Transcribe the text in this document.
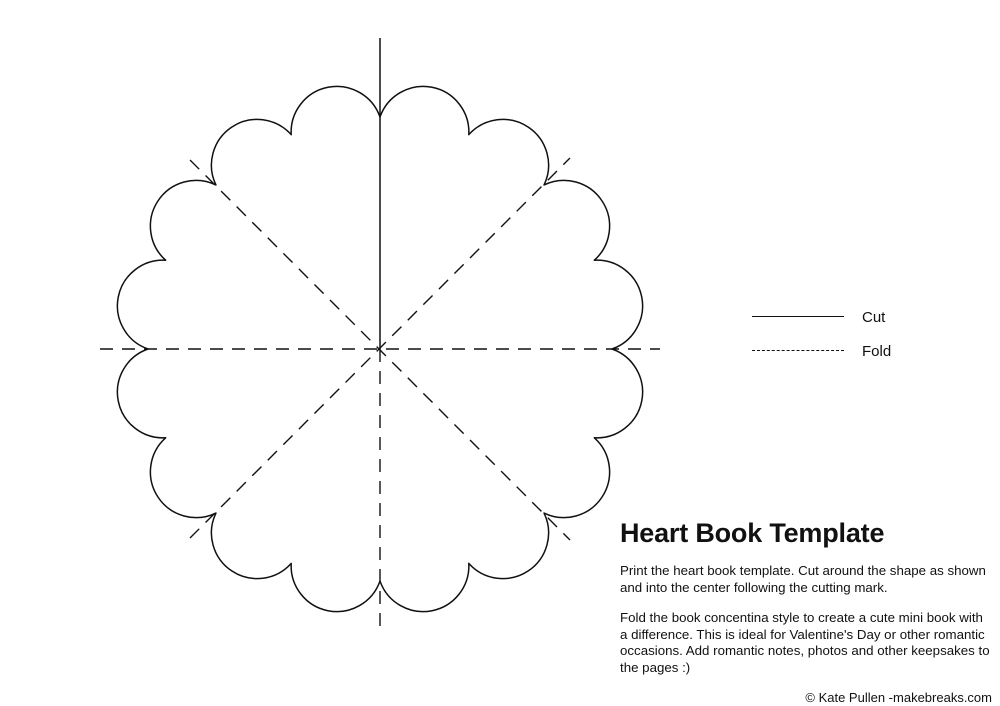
Cut
Fold
Heart Book Template

Print the heart book template. Cut around the shape as shown and into the center following the cutting mark.

Fold the book concentina style to create a cute mini book with a difference. This is ideal for Valentine's Day or other romantic occasions. Add romantic notes, photos and other keepsakes to the pages :)

© Kate Pullen -makebreaks.com
